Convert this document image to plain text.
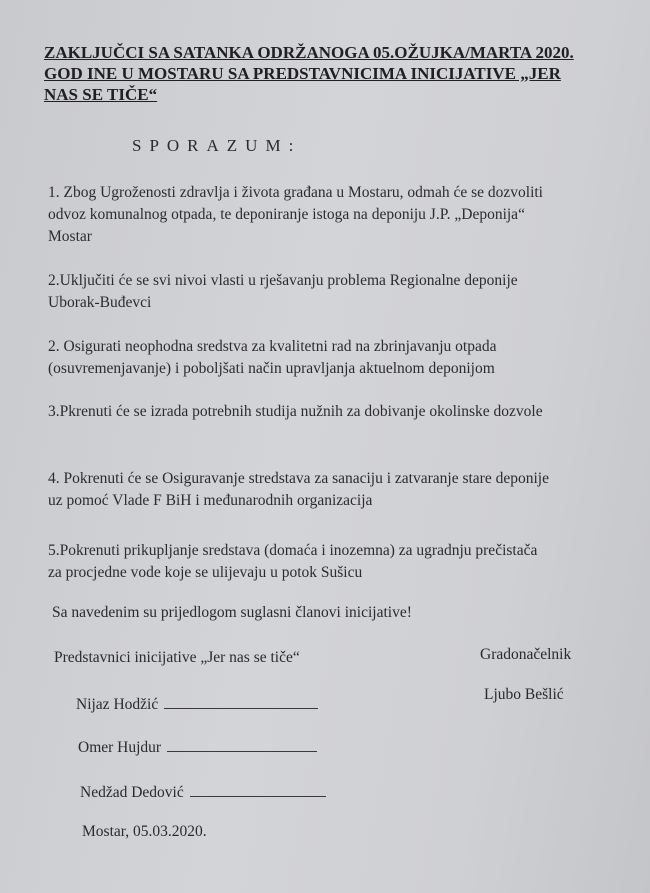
ZAKLJUČCI SA SATANKA ODRŽANOGA 05.OŽUJKA/MARTA 2020.
GOD INE U MOSTARU SA PREDSTAVNICIMA INICIJATIVE „JER
NAS SE TIČE“
SPORAZUM:
1. Zbog Ugroženosti zdravlja i života građana u Mostaru, odmah će se dozvoliti
odvoz komunalnog otpada, te deponiranje istoga na deponiju J.P. „Deponija“
Mostar
2.Uključiti će se svi nivoi vlasti u rješavanju problema Regionalne deponije
Uborak-Buđevci
2. Osigurati neophodna sredstva za kvalitetni rad na zbrinjavanju otpada
(osuvremenjavanje) i poboljšati način upravljanja aktuelnom deponijom
3.Pkrenuti će se izrada potrebnih studija nužnih za dobivanje okolinske dozvole
4. Pokrenuti će se Osiguravanje stredstava za sanaciju i zatvaranje stare deponije
uz pomoć Vlade F BiH i međunarodnih organizacija
5.Pokrenuti prikupljanje sredstava (domaća i inozemna) za ugradnju prečistača
za procjedne vode koje se ulijevaju u potok Sušicu
Sa navedenim su prijedlogom suglasni članovi inicijative!
Predstavnici inicijative „Jer nas se tiče“	Gradonačelnik
Ljubo Bešlić
Nijaz Hodžić
Omer Hujdur
Nedžad Dedović
Mostar, 05.03.2020.
